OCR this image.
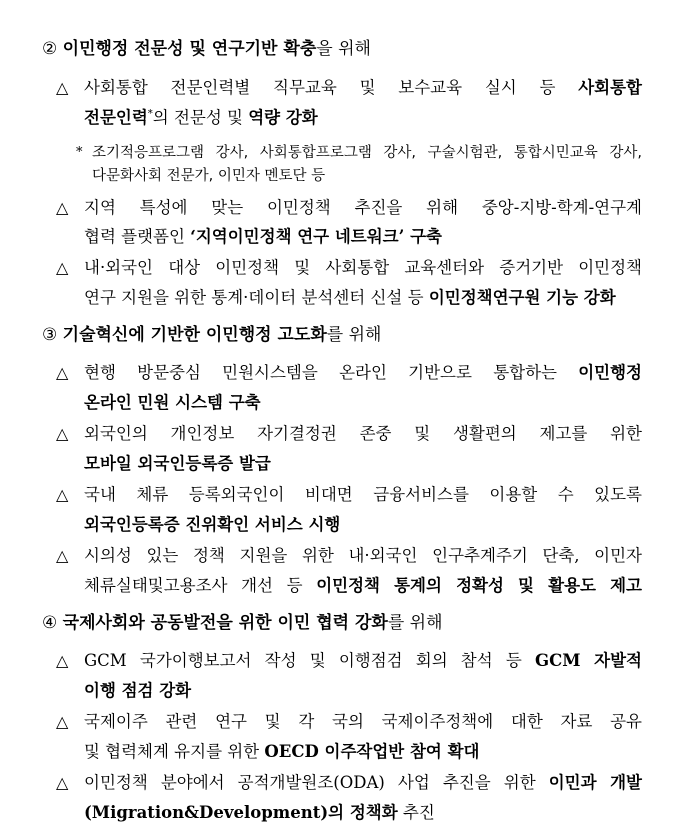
② 이민행정 전문성 및 연구기반 확충을 위해
△ 사회통합 전문인력별 직무교육 및 보수교육 실시 등 사회통합
전문인력*의 전문성 및 역량 강화
* 조기적응프로그램 강사, 사회통합프로그램 강사, 구술시험관, 통합시민교육 강사,
다문화사회 전문가, 이민자 멘토단 등
△ 지역 특성에 맞는 이민정책 추진을 위해 중앙-지방-학계-연구계
협력 플랫폼인 ‘지역이민정책 연구 네트워크’ 구축
△ 내·외국인 대상 이민정책 및 사회통합 교육센터와 증거기반 이민정책
연구 지원을 위한 통계·데이터 분석센터 신설 등 이민정책연구원 기능 강화
③ 기술혁신에 기반한 이민행정 고도화를 위해
△ 현행 방문중심 민원시스템을 온라인 기반으로 통합하는 이민행정
온라인 민원 시스템 구축
△ 외국인의 개인정보 자기결정권 존중 및 생활편의 제고를 위한
모바일 외국인등록증 발급
△ 국내 체류 등록외국인이 비대면 금융서비스를 이용할 수 있도록
외국인등록증 진위확인 서비스 시행
△ 시의성 있는 정책 지원을 위한 내·외국인 인구추계주기 단축, 이민자
체류실태및고용조사 개선 등 이민정책 통계의 정확성 및 활용도 제고
④ 국제사회와 공동발전을 위한 이민 협력 강화를 위해
△ GCM 국가이행보고서 작성 및 이행점검 회의 참석 등 GCM 자발적
이행 점검 강화
△ 국제이주 관련 연구 및 각 국의 국제이주정책에 대한 자료 공유
및 협력체계 유지를 위한 OECD 이주작업반 참여 확대
△ 이민정책 분야에서 공적개발원조(ODA) 사업 추진을 위한 이민과 개발
(Migration&Development)의 정책화 추진
